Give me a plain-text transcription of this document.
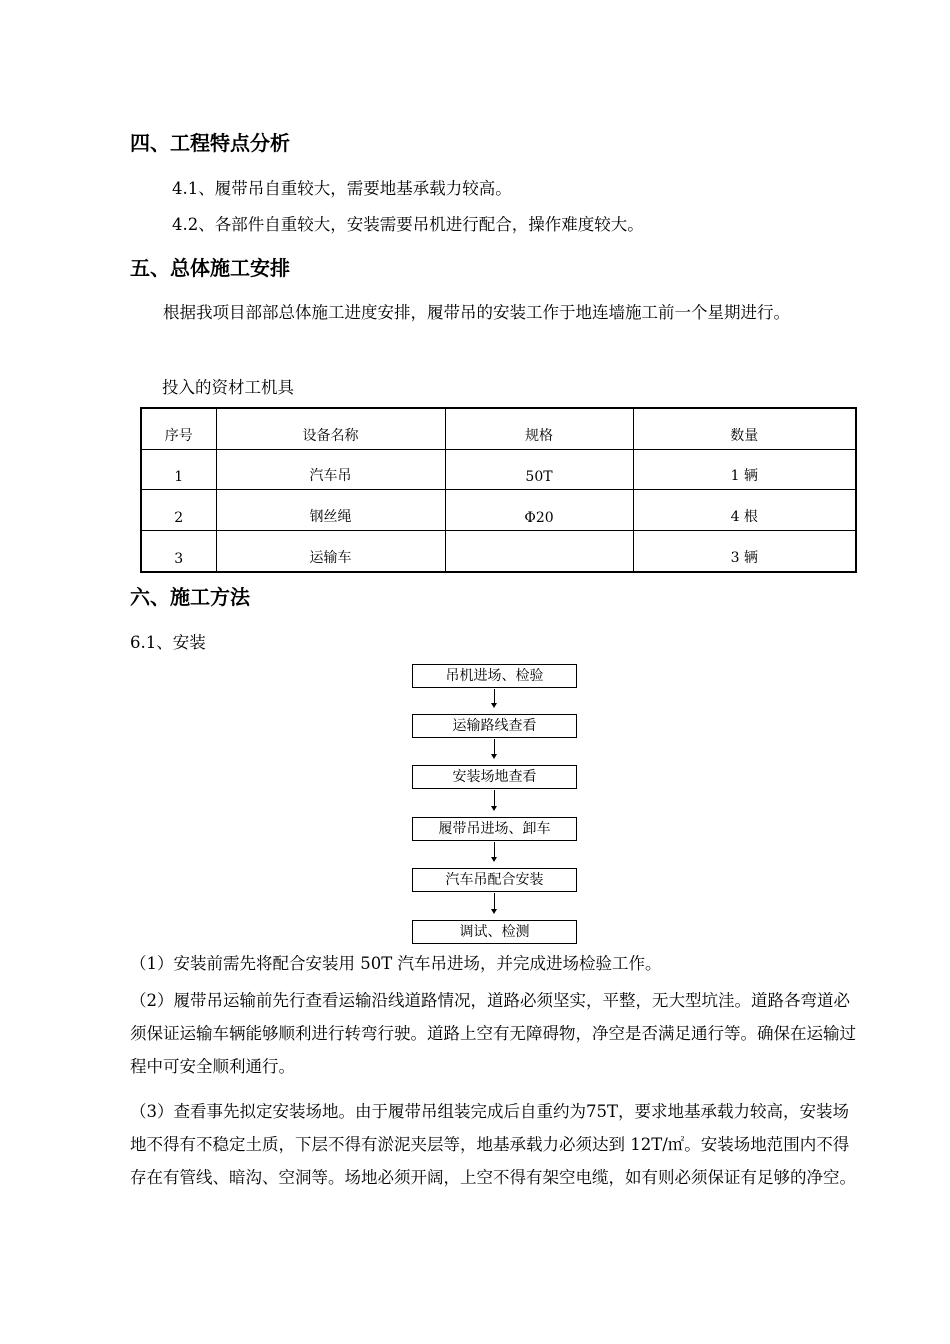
四、工程特点分析
4.1、履带吊自重较大，需要地基承载力较高。
4.2、各部件自重较大，安装需要吊机进行配合，操作难度较大。
五、总体施工安排
根据我项目部部总体施工进度安排，履带吊的安装工作于地连墙施工前一个星期进行。
投入的资材工机具
序号	设备名称	规格	数量
1	汽车吊	50T	1 辆
2	钢丝绳	Φ20	4 根
3	运输车		3 辆
六、施工方法
6.1、安装
吊机进场、检验
运输路线查看
安装场地查看
履带吊进场、卸车
汽车吊配合安装
调试、检测
（1）安装前需先将配合安装用 50T 汽车吊进场，并完成进场检验工作。
（2）履带吊运输前先行查看运输沿线道路情况，道路必须坚实，平整，无大型坑洼。道路各弯道必须保证运输车辆能够顺利进行转弯行驶。道路上空有无障碍物，净空是否满足通行等。确保在运输过程中可安全顺利通行。
（3）查看事先拟定安装场地。由于履带吊组装完成后自重约为75T，要求地基承载力较高，安装场地不得有不稳定土质，下层不得有淤泥夹层等，地基承载力必须达到 12T/㎡。安装场地范围内不得存在有管线、暗沟、空洞等。场地必须开阔，上空不得有架空电缆，如有则必须保证有足够的净空。
